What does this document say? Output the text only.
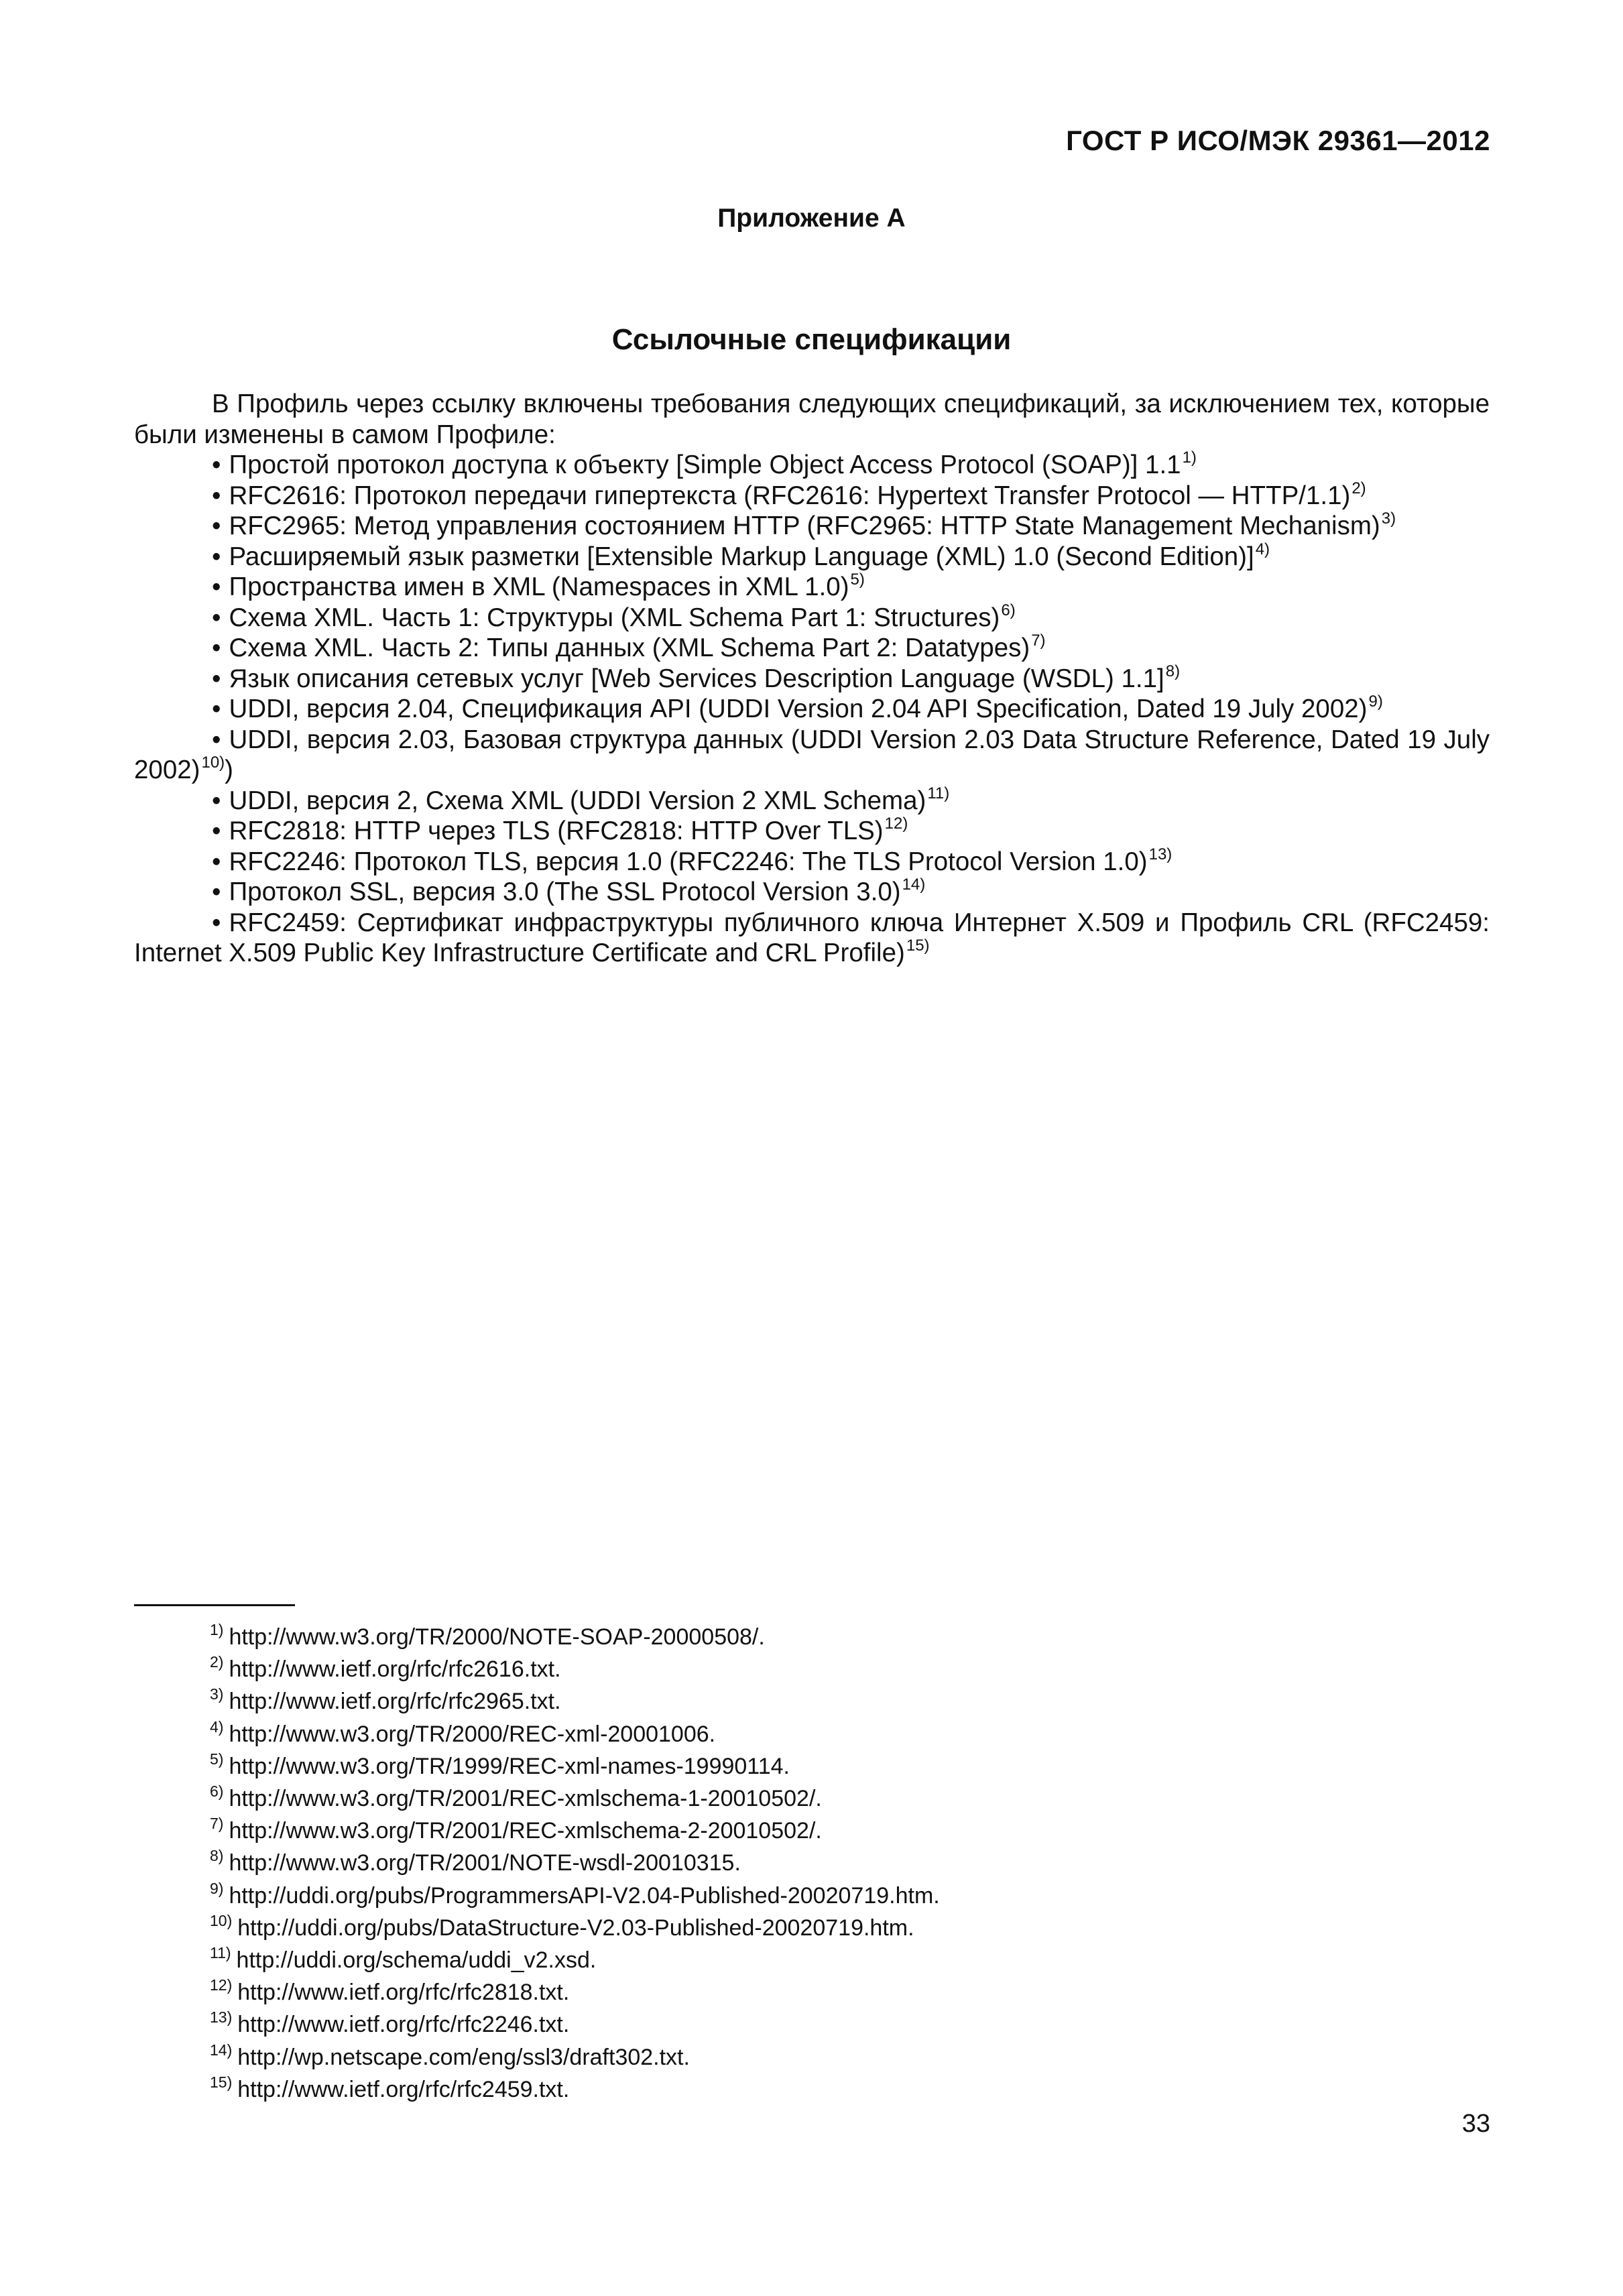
ГОСТ Р ИСО/МЭК 29361—2012
Приложение А
Ссылочные спецификации

В Профиль через ссылку включены требования следующих спецификаций, за исключением тех, которые были изменены в самом Профиле:

• Простой протокол доступа к объекту [Simple Object Access Protocol (SOAP)] 1.1$^{1)}$

• RFC2616: Протокол передачи гипертекста (RFC2616: Hypertext Transfer Protocol — HTTP/1.1)$^{2)}$

• RFC2965: Метод управления состоянием HTTP (RFC2965: HTTP State Management Mechanism)$^{3)}$

• Расширяемый язык разметки [Extensible Markup Language (XML) 1.0 (Second Edition)]$^{4)}$

• Пространства имен в XML (Namespaces in XML 1.0)$^{5)}$

• Схема XML. Часть 1: Структуры (XML Schema Part 1: Structures)$^{6)}$

• Схема XML. Часть 2: Типы данных (XML Schema Part 2: Datatypes)$^{7)}$

• Язык описания сетевых услуг [Web Services Description Language (WSDL) 1.1]$^{8)}$

• UDDI, версия 2.04, Спецификация API (UDDI Version 2.04 API Specification, Dated 19 July 2002)$^{9)}$

• UDDI, версия 2.03, Базовая структура данных (UDDI Version 2.03 Data Structure Reference, Dated 19 July 2002)$^{10)}$)

• UDDI, версия 2, Схема XML (UDDI Version 2 XML Schema)$^{11)}$

• RFC2818: HTTP через TLS (RFC2818: HTTP Over TLS)$^{12)}$

• RFC2246: Протокол TLS, версия 1.0 (RFC2246: The TLS Protocol Version 1.0)$^{13)}$

• Протокол SSL, версия 3.0 (The SSL Protocol Version 3.0)$^{14)}$

• RFC2459: Сертификат инфраструктуры публичного ключа Интернет X.509 и Профиль CRL (RFC2459: Internet X.509 Public Key Infrastructure Certificate and CRL Profile)$^{15)}$

$^{1)}$ http://www.w3.org/TR/2000/NOTE-SOAP-20000508/.
$^{2)}$ http://www.ietf.org/rfc/rfc2616.txt.
$^{3)}$ http://www.ietf.org/rfc/rfc2965.txt.
$^{4)}$ http://www.w3.org/TR/2000/REC-xml-20001006.
$^{5)}$ http://www.w3.org/TR/1999/REC-xml-names-19990114.
$^{6)}$ http://www.w3.org/TR/2001/REC-xmlschema-1-20010502/.
$^{7)}$ http://www.w3.org/TR/2001/REC-xmlschema-2-20010502/.
$^{8)}$ http://www.w3.org/TR/2001/NOTE-wsdl-20010315.
$^{9)}$ http://uddi.org/pubs/ProgrammersAPI-V2.04-Published-20020719.htm.
$^{10)}$ http://uddi.org/pubs/DataStructure-V2.03-Published-20020719.htm.
$^{11)}$ http://uddi.org/schema/uddi_v2.xsd.
$^{12)}$ http://www.ietf.org/rfc/rfc2818.txt.
$^{13)}$ http://www.ietf.org/rfc/rfc2246.txt.
$^{14)}$ http://wp.netscape.com/eng/ssl3/draft302.txt.
$^{15)}$ http://www.ietf.org/rfc/rfc2459.txt.
33
